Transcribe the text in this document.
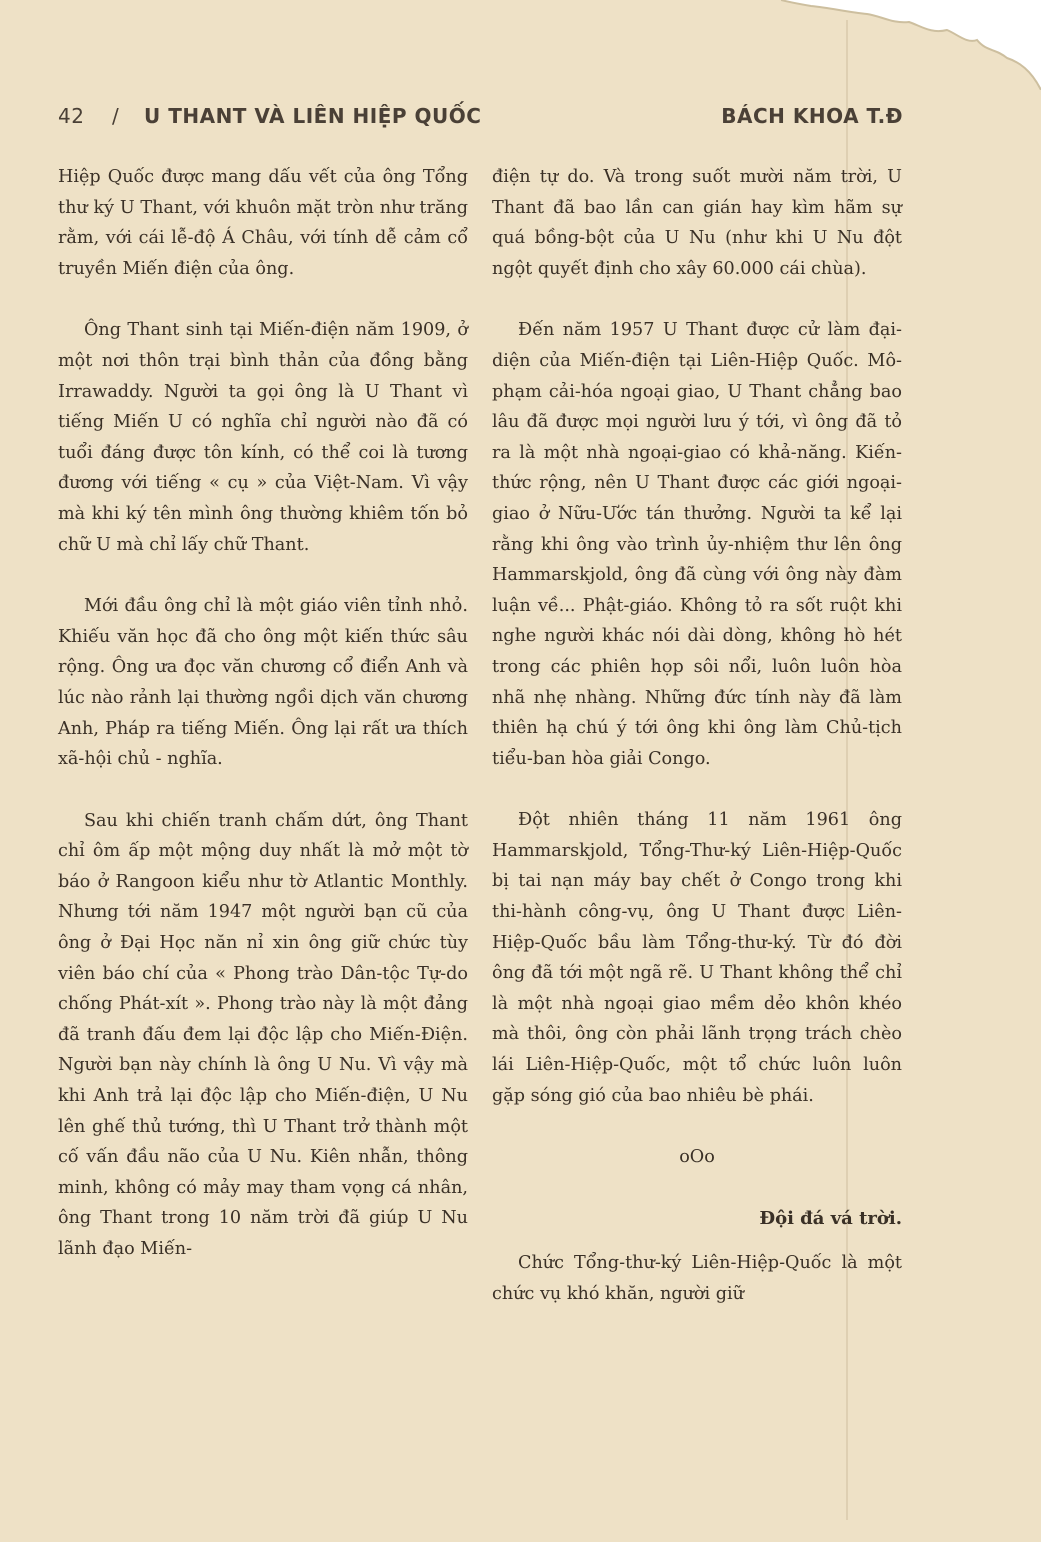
42 / U THANT VÀ LIÊN HIỆP QUỐC	BÁCH KHOA T.Đ

Hiệp Quốc được mang dấu vết của ông Tổng thư ký U Thant, với khuôn mặt tròn như trăng rằm, với cái lễ-độ Á Châu, với tính dễ cảm cổ truyền Miến điện của ông.

Ông Thant sinh tại Miến-điện năm 1909, ở một nơi thôn trại bình thản của đồng bằng Irrawaddy. Người ta gọi ông là U Thant vì tiếng Miến U có nghĩa chỉ người nào đã có tuổi đáng được tôn kính, có thể coi là tương đương với tiếng « cụ » của Việt-Nam. Vì vậy mà khi ký tên mình ông thường khiêm tốn bỏ chữ U mà chỉ lấy chữ Thant.

Mới đầu ông chỉ là một giáo viên tỉnh nhỏ. Khiếu văn học đã cho ông một kiến thức sâu rộng. Ông ưa đọc văn chương cổ điển Anh và lúc nào rảnh lại thường ngồi dịch văn chương Anh, Pháp ra tiếng Miến. Ông lại rất ưa thích xã-hội chủ - nghĩa.

Sau khi chiến tranh chấm dứt, ông Thant chỉ ôm ấp một mộng duy nhất là mở một tờ báo ở Rangoon kiểu như tờ Atlantic Monthly. Nhưng tới năm 1947 một người bạn cũ của ông ở Đại Học năn nỉ xin ông giữ chức tùy viên báo chí của « Phong trào Dân-tộc Tự-do chống Phát-xít ». Phong trào này là một đảng đã tranh đấu đem lại độc lập cho Miến-Điện. Người bạn này chính là ông U Nu. Vì vậy mà khi Anh trả lại độc lập cho Miến-điện, U Nu lên ghế thủ tướng, thì U Thant trở thành một cố vấn đầu não của U Nu. Kiên nhẫn, thông minh, không có mảy may tham vọng cá nhân, ông Thant trong 10 năm trời đã giúp U Nu lãnh đạo Miến-

điện tự do. Và trong suốt mười năm trời, U Thant đã bao lần can gián hay kìm hãm sự quá bồng-bột của U Nu (như khi U Nu đột ngột quyết định cho xây 60.000 cái chùa).

Đến năm 1957 U Thant được cử làm đại-diện của Miến-điện tại Liên-Hiệp Quốc. Mô-phạm cải-hóa ngoại giao, U Thant chẳng bao lâu đã được mọi người lưu ý tới, vì ông đã tỏ ra là một nhà ngoại-giao có khả-năng. Kiến-thức rộng, nên U Thant được các giới ngoại-giao ở Nữu-Ước tán thưởng. Người ta kể lại rằng khi ông vào trình ủy-nhiệm thư lên ông Hammarskjold, ông đã cùng với ông này đàm luận về... Phật-giáo. Không tỏ ra sốt ruột khi nghe người khác nói dài dòng, không hò hét trong các phiên họp sôi nổi, luôn luôn hòa nhã nhẹ nhàng. Những đức tính này đã làm thiên hạ chú ý tới ông khi ông làm Chủ-tịch tiểu-ban hòa giải Congo.

Đột nhiên tháng 11 năm 1961 ông Hammarskjold, Tổng-Thư-ký Liên-Hiệp-Quốc bị tai nạn máy bay chết ở Congo trong khi thi-hành công-vụ, ông U Thant được Liên-Hiệp-Quốc bầu làm Tổng-thư-ký. Từ đó đời ông đã tới một ngã rẽ. U Thant không thể chỉ là một nhà ngoại giao mềm dẻo khôn khéo mà thôi, ông còn phải lãnh trọng trách chèo lái Liên-Hiệp-Quốc, một tổ chức luôn luôn gặp sóng gió của bao nhiêu bè phái.

oOo
Đội đá vá trời.

Chức Tổng-thư-ký Liên-Hiệp-Quốc là một chức vụ khó khăn, người giữ
